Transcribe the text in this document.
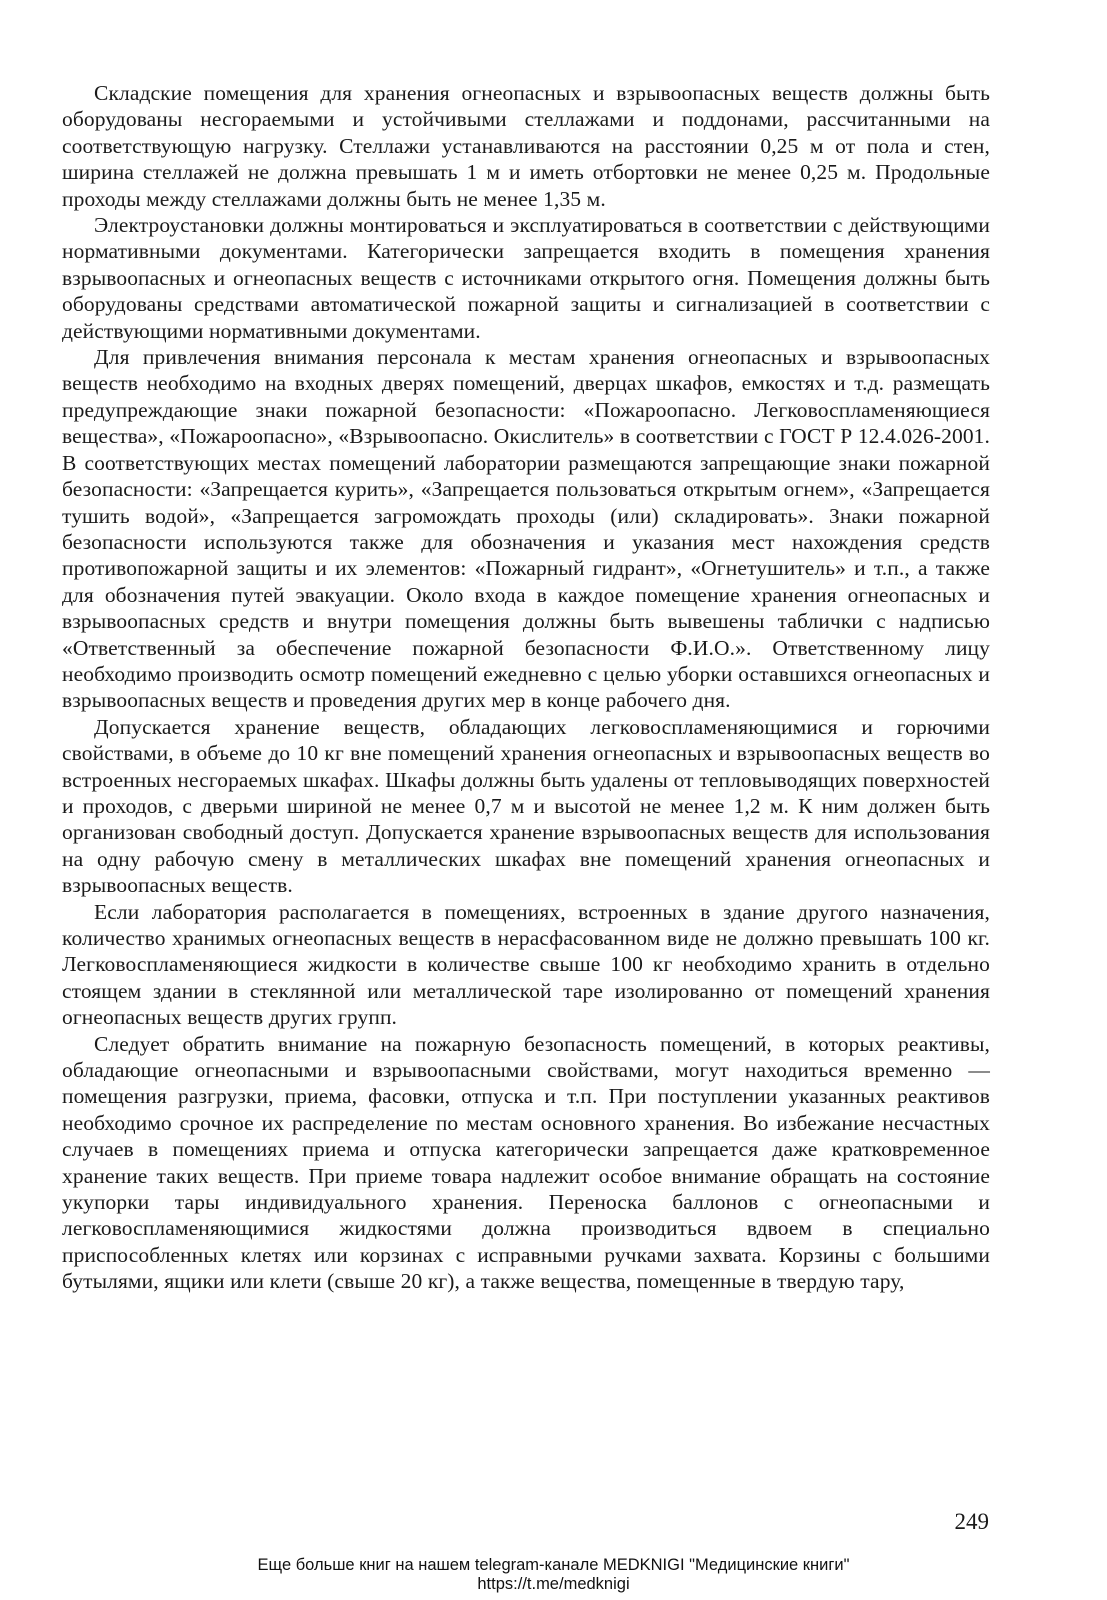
Складские помещения для хранения огнеопасных и взрывоопасных веществ должны быть оборудованы несгораемыми и устойчивыми стеллажами и поддонами, рассчитанными на соответствующую нагрузку. Стеллажи устанавливаются на расстоянии 0,25 м от пола и стен, ширина стеллажей не должна превышать 1 м и иметь отбортовки не менее 0,25 м. Продольные проходы между стеллажами должны быть не менее 1,35 м.

Электроустановки должны монтироваться и эксплуатироваться в соответствии с действующими нормативными документами. Категорически запрещается входить в помещения хранения взрывоопасных и огнеопасных веществ с источниками открытого огня. Помещения должны быть оборудованы средствами автоматической пожарной защиты и сигнализацией в соответствии с действующими нормативными документами.

Для привлечения внимания персонала к местам хранения огнеопасных и взрывоопасных веществ необходимо на входных дверях помещений, дверцах шкафов, емкостях и т.д. размещать предупреждающие знаки пожарной безопасности: «Пожароопасно. Легковоспламеняющиеся вещества», «Пожароопасно», «Взрывоопасно. Окислитель» в соответствии с ГОСТ Р 12.4.026-2001. В соответствующих местах помещений лаборатории размещаются запрещающие знаки пожарной безопасности: «Запрещается курить», «Запрещается пользоваться открытым огнем», «Запрещается тушить водой», «Запрещается загромождать проходы (или) складировать». Знаки пожарной безопасности используются также для обозначения и указания мест нахождения средств противопожарной защиты и их элементов: «Пожарный гидрант», «Огнетушитель» и т.п., а также для обозначения путей эвакуации. Около входа в каждое помещение хранения огнеопасных и взрывоопасных средств и внутри помещения должны быть вывешены таблички с надписью «Ответственный за обеспечение пожарной безопасности Ф.И.О.». Ответственному лицу необходимо производить осмотр помещений ежедневно с целью уборки оставшихся огнеопасных и взрывоопасных веществ и проведения других мер в конце рабочего дня.

Допускается хранение веществ, обладающих легковоспламеняющимися и горючими свойствами, в объеме до 10 кг вне помещений хранения огнеопасных и взрывоопасных веществ во встроенных несгораемых шкафах. Шкафы должны быть удалены от тепловыводящих поверхностей и проходов, с дверьми шириной не менее 0,7 м и высотой не менее 1,2 м. К ним должен быть организован свободный доступ. Допускается хранение взрывоопасных веществ для использования на одну рабочую смену в металлических шкафах вне помещений хранения огнеопасных и взрывоопасных веществ.

Если лаборатория располагается в помещениях, встроенных в здание другого назначения, количество хранимых огнеопасных веществ в нерасфасованном виде не должно превышать 100 кг. Легковоспламеняющиеся жидкости в количестве свыше 100 кг необходимо хранить в отдельно стоящем здании в стеклянной или металлической таре изолированно от помещений хранения огнеопасных веществ других групп.

Следует обратить внимание на пожарную безопасность помещений, в которых реактивы, обладающие огнеопасными и взрывоопасными свойствами, могут находиться временно — помещения разгрузки, приема, фасовки, отпуска и т.п. При поступлении указанных реактивов необходимо срочное их распределение по местам основного хранения. Во избежание несчастных случаев в помещениях приема и отпуска категорически запрещается даже кратковременное хранение таких веществ. При приеме товара надлежит особое внимание обращать на состояние укупорки тары индивидуального хранения. Переноска баллонов с огнеопасными и легковоспламеняющимися жидкостями должна производиться вдвоем в специально приспособленных клетях или корзинах с исправными ручками захвата. Корзины с большими бутылями, ящики или клети (свыше 20 кг), а также вещества, помещенные в твердую тару,

249
Еще больше книг на нашем telegram-канале MEDKNIGI "Медицинские книги"
https://t.me/medknigi
